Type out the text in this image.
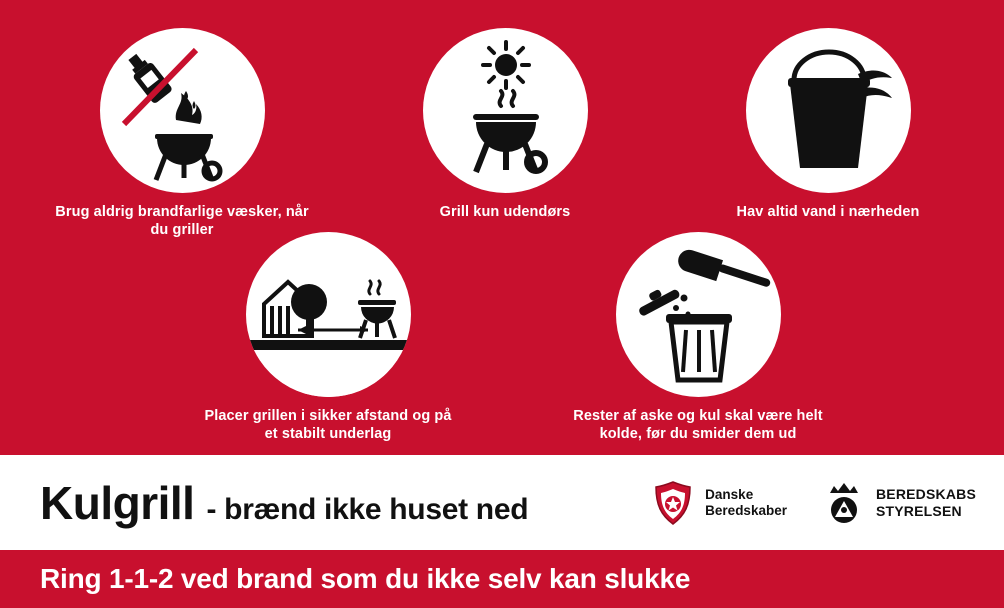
Brug aldrig brandfarlige væsker, når du griller
Grill kun udendørs	Hav altid vand i nærheden
Placer grillen i sikker afstand og på et stabilt underlag
Rester af aske og kul skal være helt kolde, før du smider dem ud
Kulgrill - brænd ikke huset ned	Danske
Beredskaber
BEREDSKABS
STYRELSEN
Ring 1-1-2 ved brand som du ikke selv kan slukke
